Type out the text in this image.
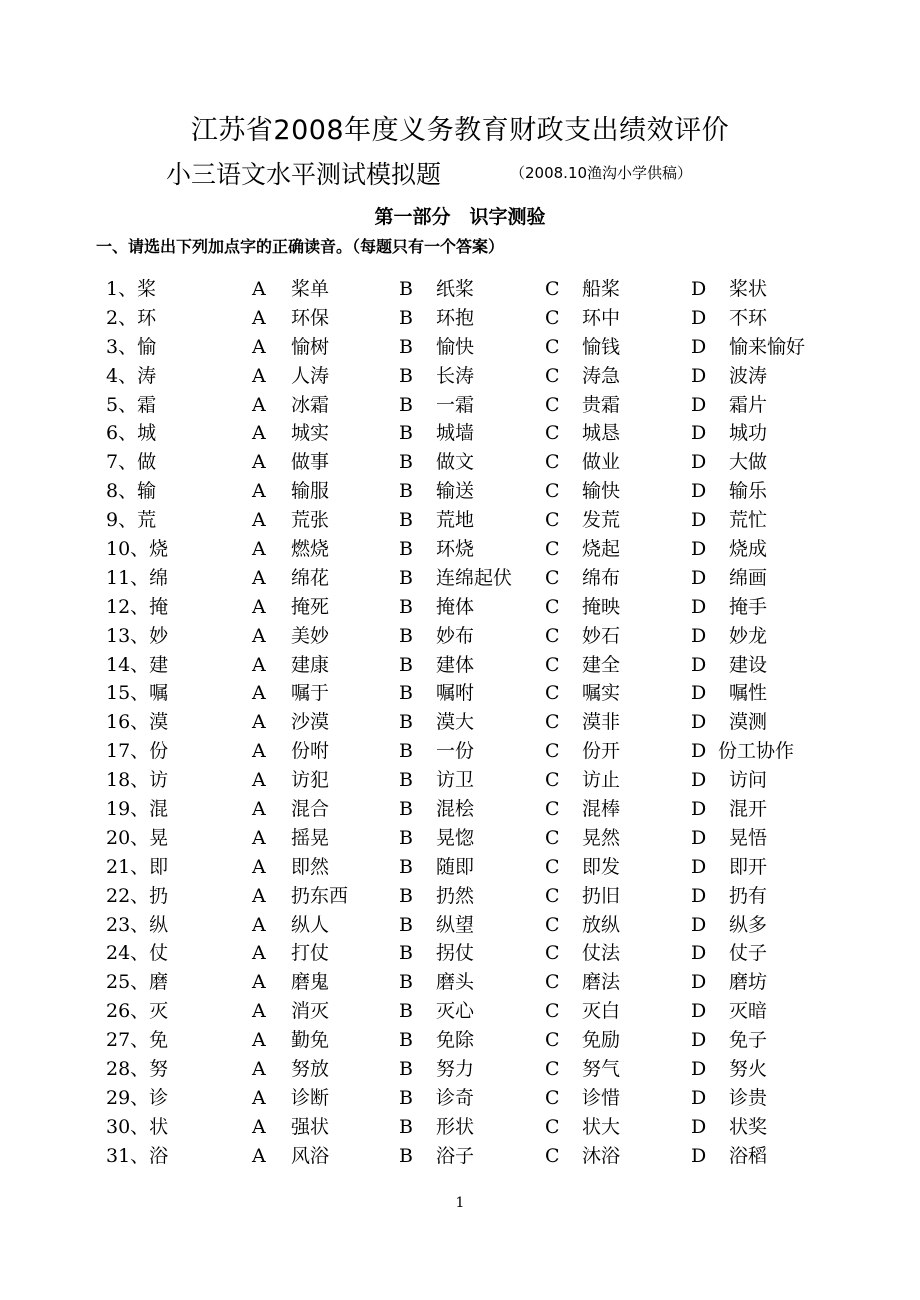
江苏省2008年度义务教育财政支出绩效评价
小三语文水平测试模拟题	（2008.10渔沟小学供稿）
第一部分　识字测验
一、请选出下列加点字的正确读音。（每题只有一个答案）
1、桨	A 桨单	B 纸桨	C 船桨	D 桨状
2、环	A 环保	B 环抱	C 环中	D 不环
3、愉	A 愉树	B 愉快	C 愉钱	D 愉来愉好
4、涛	A 人涛	B 长涛	C 涛急	D 波涛
5、霜	A 冰霜	B 一霜	C 贵霜	D 霜片
6、城	A 城实	B 城墙	C 城恳	D 城功
7、做	A 做事	B 做文	C 做业	D 大做
8、输	A 输服	B 输送	C 输快	D 输乐
9、荒	A 荒张	B 荒地	C 发荒	D 荒忙
10、烧	A 燃烧	B 环烧	C 烧起	D 烧成
11、绵	A 绵花	B 连绵起伏 C 绵布	D 绵画
12、掩	A 掩死	B 掩体	C 掩映	D 掩手
13、妙	A 美妙	B 妙布	C 妙石	D 妙龙
14、建	A 建康	B 建体	C 建全	D 建设
15、嘱	A 嘱于	B 嘱咐	C 嘱实	D 嘱性
16、漠	A 沙漠	B 漠大	C 漠非	D 漠测
17、份	A 份咐	B 一份	C 份开	D 份工协作
18、访	A 访犯	B 访卫	C 访止	D 访问
19、混	A 混合	B 混桧	C 混棒	D 混开
20、晃	A 摇晃	B 晃惚	C 晃然	D 晃悟
21、即	A 即然	B 随即	C 即发	D 即开
22、扔	A 扔东西	B 扔然	C 扔旧	D 扔有
23、纵	A 纵人	B 纵望	C 放纵	D 纵多
24、仗	A 打仗	B 拐仗	C 仗法	D 仗子
25、磨	A 磨鬼	B 磨头	C 磨法	D 磨坊
26、灭	A 消灭	B 灭心	C 灭白	D 灭暗
27、免	A 勤免	B 免除	C 免励	D 免子
28、努	A 努放	B 努力	C 努气	D 努火
29、诊	A 诊断	B 诊奇	C 诊惜	D 诊贵
30、状	A 强状	B 形状	C 状大	D 状奖
31、浴	A 风浴	B 浴子	C 沐浴	D 浴稻
1
